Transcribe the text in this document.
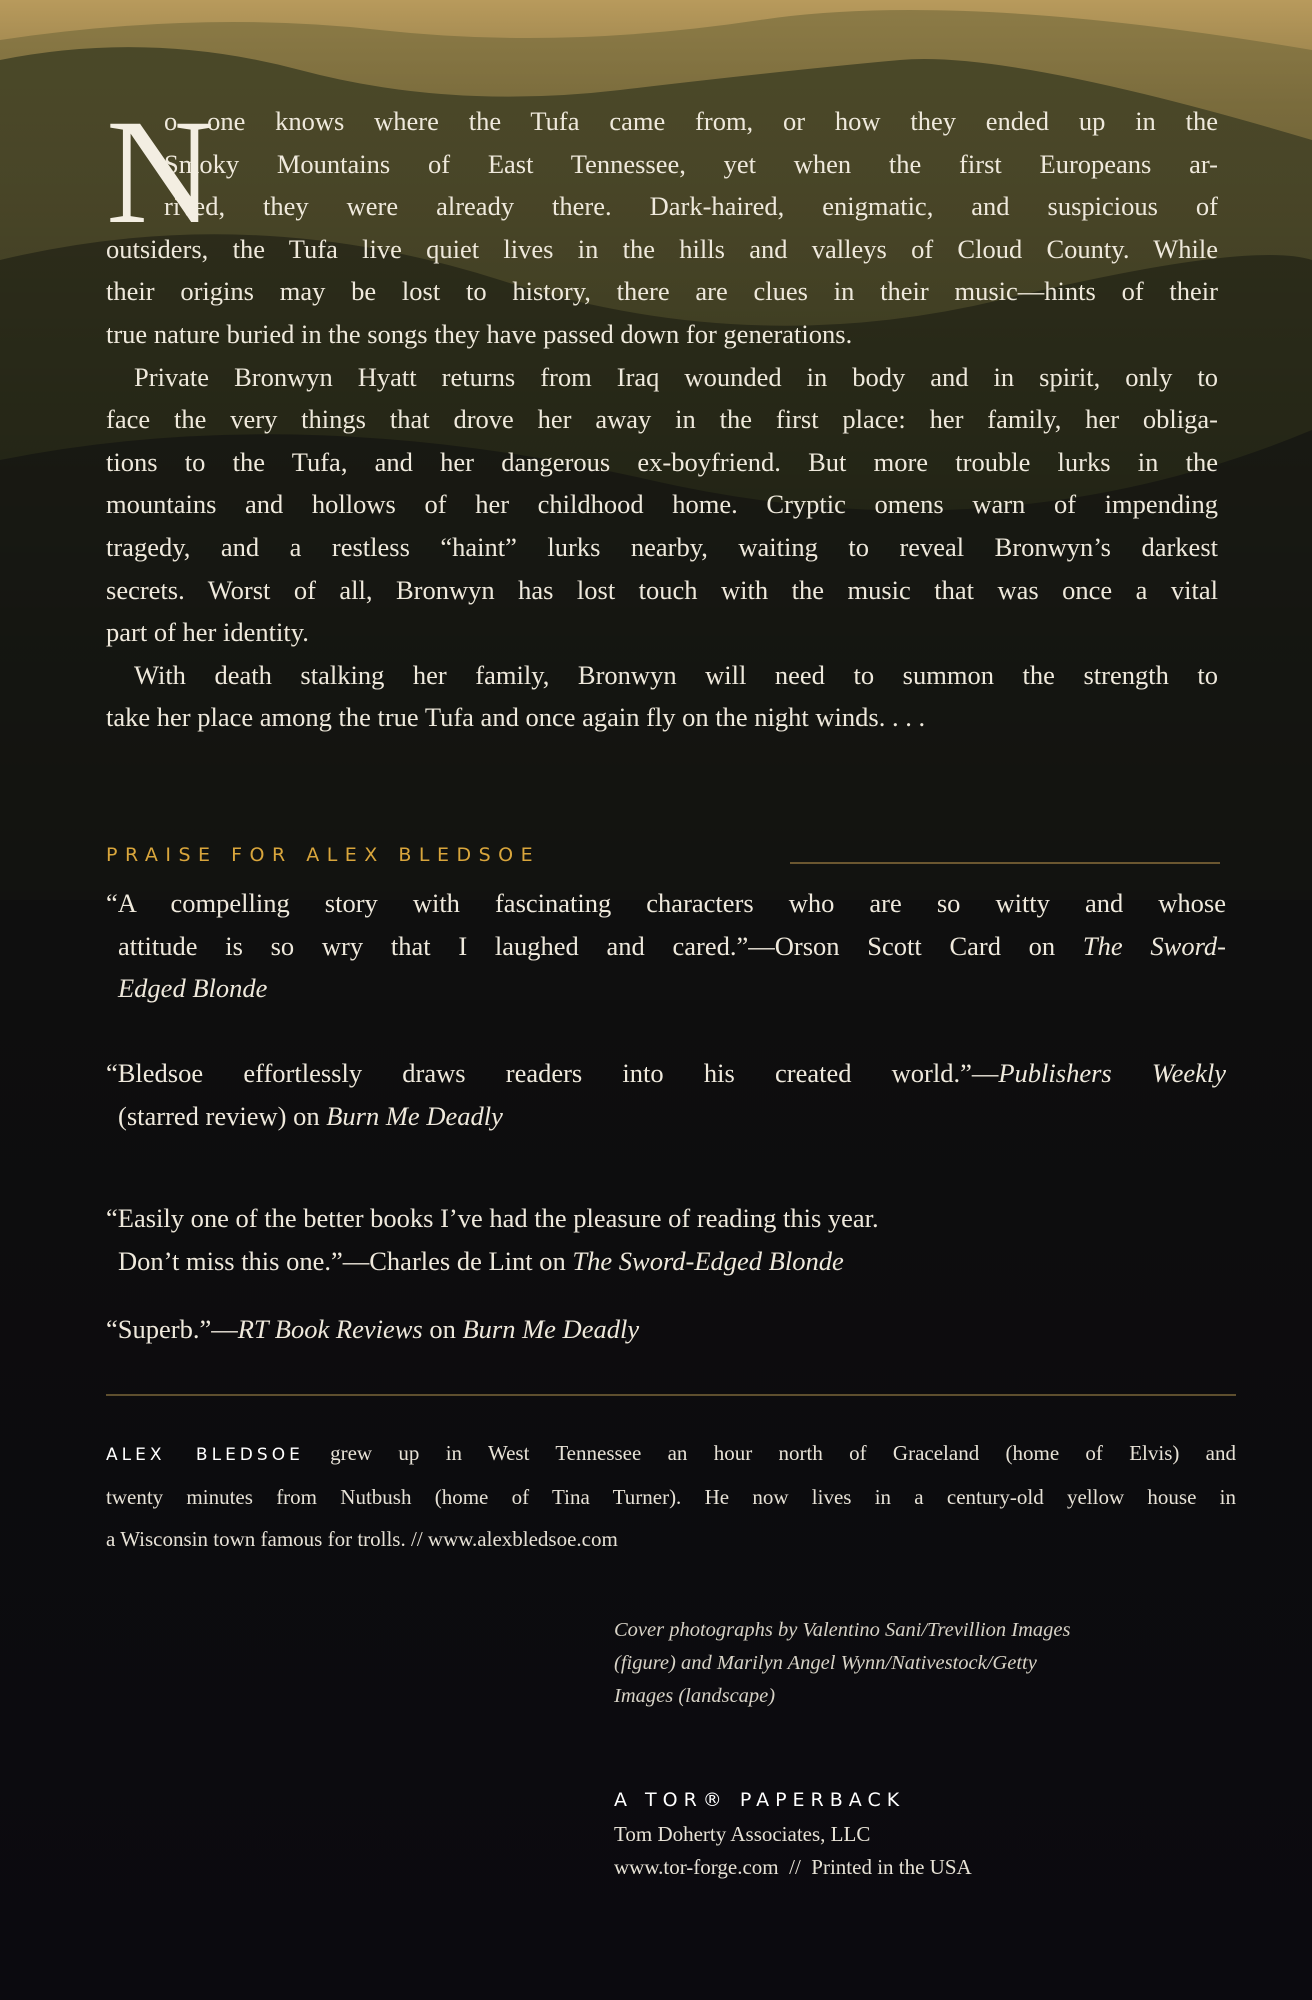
N
o one knows where the Tufa came from, or how they ended up in the
Smoky Mountains of East Tennessee, yet when the first Europeans ar-
rived, they were already there. Dark-haired, enigmatic, and suspicious of
outsiders, the Tufa live quiet lives in the hills and valleys of Cloud County. While
their origins may be lost to history, there are clues in their music—hints of their
true nature buried in the songs they have passed down for generations.
Private Bronwyn Hyatt returns from Iraq wounded in body and in spirit, only to
face the very things that drove her away in the first place: her family, her obliga-
tions to the Tufa, and her dangerous ex-boyfriend. But more trouble lurks in the
mountains and hollows of her childhood home. Cryptic omens warn of impending
tragedy, and a restless “haint” lurks nearby, waiting to reveal Bronwyn’s darkest
secrets. Worst of all, Bronwyn has lost touch with the music that was once a vital
part of her identity.
With death stalking her family, Bronwyn will need to summon the strength to
take her place among the true Tufa and once again fly on the night winds. . . .
PRAISE FOR ALEX BLEDSOE
“A compelling story with fascinating characters who are so witty and whose
attitude is so wry that I laughed and cared.”—Orson Scott Card on The Sword-
Edged Blonde
“Bledsoe effortlessly draws readers into his created world.”—Publishers Weekly
(starred review) on Burn Me Deadly
“Easily one of the better books I’ve had the pleasure of reading this year.
Don’t miss this one.”—Charles de Lint on The Sword-Edged Blonde
“Superb.”—RT Book Reviews on Burn Me Deadly
ALEX BLEDSOE grew up in West Tennessee an hour north of Graceland (home of Elvis) and
twenty minutes from Nutbush (home of Tina Turner). He now lives in a century-old yellow house in
a Wisconsin town famous for trolls. // www.alexbledsoe.com
Cover photographs by Valentino Sani/Trevillion Images
(figure) and Marilyn Angel Wynn/Nativestock/Getty
Images (landscape)
A TOR® PAPERBACK
Tom Doherty Associates, LLC
www.tor-forge.com  //  Printed in the USA
